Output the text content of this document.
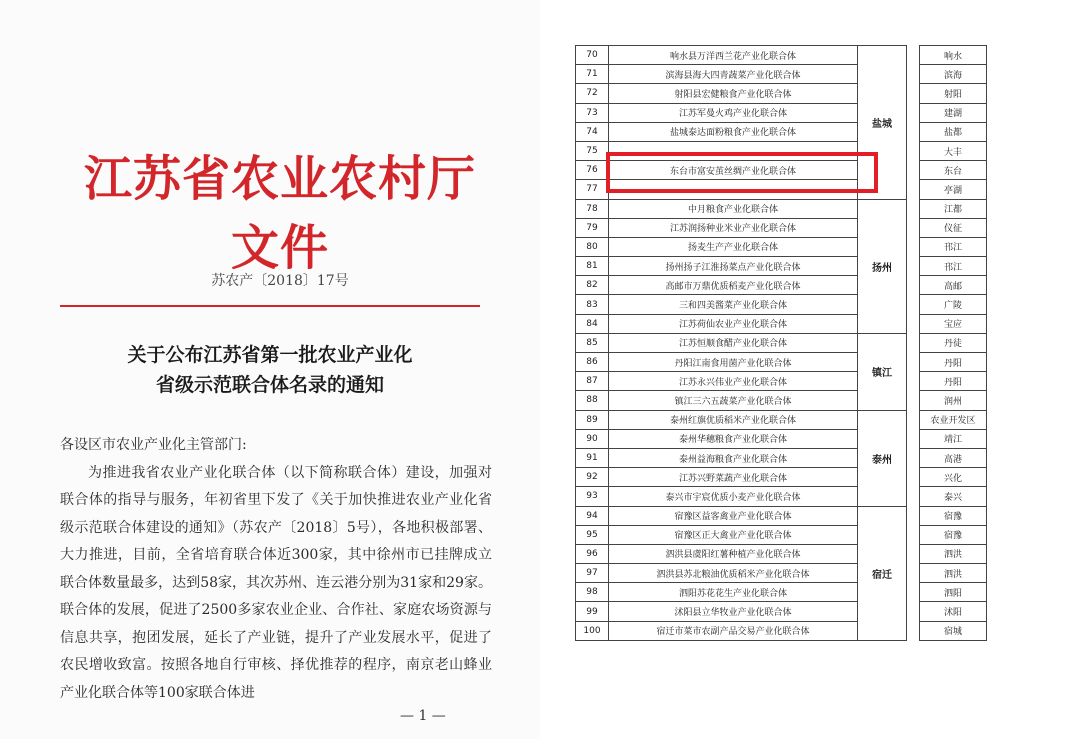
江苏省农业农村厅文件
苏农产〔2018〕17号
关于公布江苏省第一批农业产业化
省级示范联合体名录的通知
各设区市农业产业化主管部门:
为推进我省农业产业化联合体（以下简称联合体）建设，加强对联合体的指导与服务，年初省里下发了《关于加快推进农业产业化省级示范联合体建设的通知》（苏农产〔2018〕5号），各地积极部署、大力推进，目前，全省培育联合体近300家，其中徐州市已挂牌成立联合体数量最多，达到58家，其次苏州、连云港分别为31家和29家。联合体的发展，促进了2500多家农业企业、合作社、家庭农场资源与信息共享，抱团发展，延长了产业链，提升了产业发展水平，促进了农民增收致富。按照各地自行审核、择优推荐的程序，南京老山蜂业产业化联合体等100家联合体进
— 1 —
70	响水县万洋西兰花产业化联合体	盐城		响水
71	滨海县海大四青蔬菜产业化联合体			滨海
72	射阳县宏健粮食产业化联合体			射阳
73	江苏军曼火鸡产业化联合体			建湖
74	盐城泰达面粉粮食产业化联合体			盐都
75				大丰
76	东台市富安茧丝绸产业化联合体			东台
77				亭湖
78	中月粮食产业化联合体	扬州		江都
79	江苏润扬种业米业产业化联合体			仪征
80	扬麦生产产业化联合体			邗江
81	扬州扬子江淮扬菜点产业化联合体			邗江
82	高邮市万鼎优质稻麦产业化联合体			高邮
83	三和四美酱菜产业化联合体			广陵
84	江苏荷仙农业产业化联合体			宝应
85	江苏恒顺食醋产业化联合体	镇江		丹徒
86	丹阳江南食用菌产业化联合体			丹阳
87	江苏永兴伟业产业化联合体			丹阳
88	镇江三六五蔬菜产业化联合体			润州
89	泰州红旗优质稻米产业化联合体	泰州		农业开发区
90	泰州华穗粮食产业化联合体			靖江
91	泰州益海粮食产业化联合体			高港
92	江苏兴野菜蔬产业化联合体			兴化
93	泰兴市宇宸优质小麦产业化联合体			泰兴
94	宿豫区益客禽业产业化联合体	宿迁		宿豫
95	宿豫区正大禽业产业化联合体			宿豫
96	泗洪县虞阳红薯种植产业化联合体			泗洪
97	泗洪县苏北粮油优质稻米产业化联合体			泗洪
98	泗阳苏花花生产业化联合体			泗阳
99	沭阳县立华牧业产业化联合体			沭阳
100	宿迁市菜市农副产品交易产业化联合体			宿城
